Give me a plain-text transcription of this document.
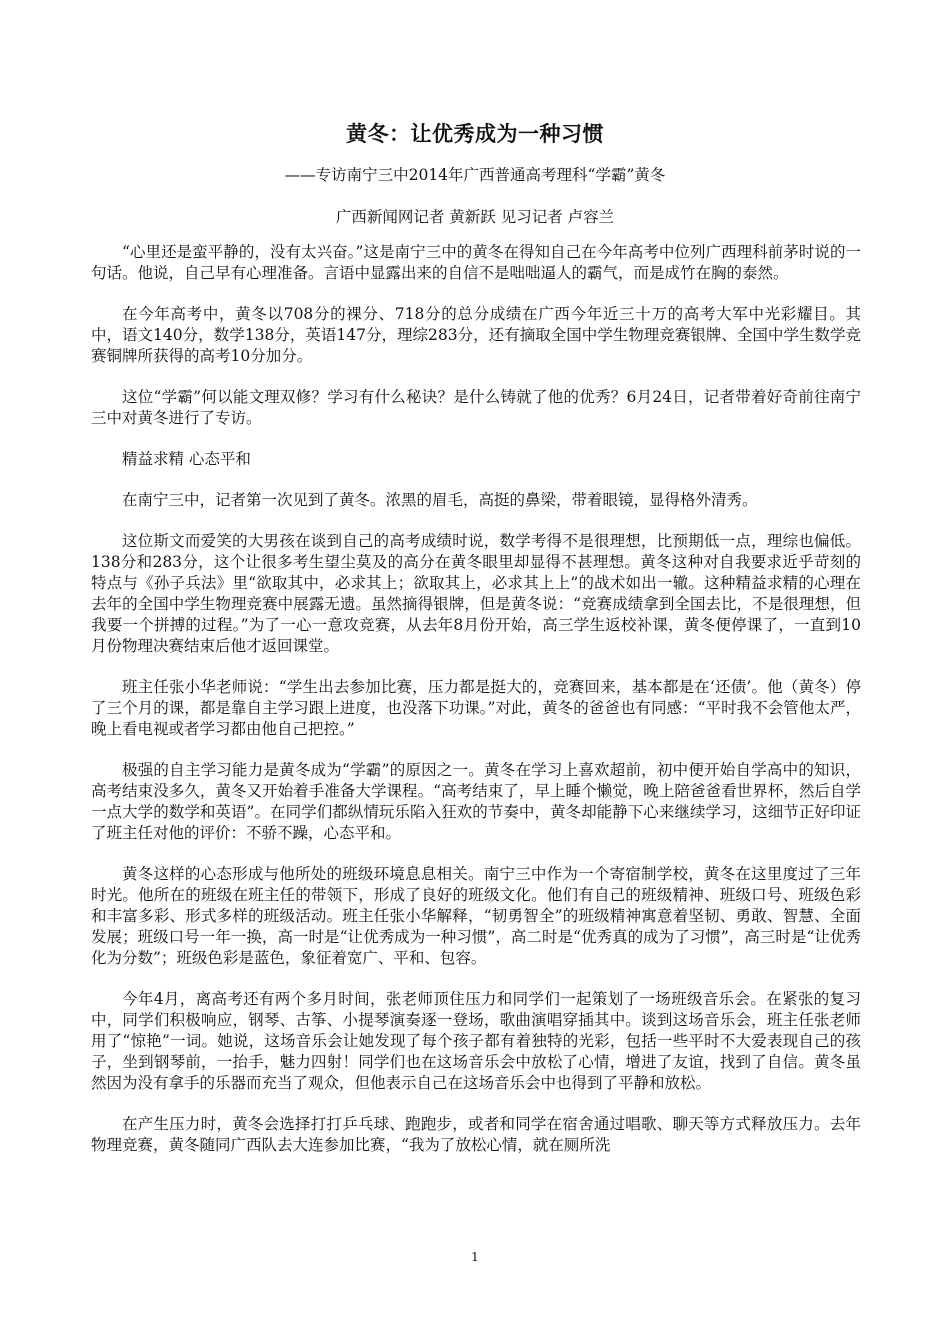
黄冬：让优秀成为一种习惯
——专访南宁三中2014年广西普通高考理科“学霸”黄冬
广西新闻网记者 黄新跃 见习记者 卢容兰

“心里还是蛮平静的，没有太兴奋。”这是南宁三中的黄冬在得知自己在今年高考中位列广西理科前茅时说的一句话。他说，自己早有心理准备。言语中显露出来的自信不是咄咄逼人的霸气，而是成竹在胸的泰然。

在今年高考中，黄冬以708分的裸分、718分的总分成绩在广西今年近三十万的高考大军中光彩耀目。其中，语文140分，数学138分，英语147分，理综283分，还有摘取全国中学生物理竞赛银牌、全国中学生数学竞赛铜牌所获得的高考10分加分。

这位“学霸”何以能文理双修？学习有什么秘诀？是什么铸就了他的优秀？6月24日，记者带着好奇前往南宁三中对黄冬进行了专访。

精益求精 心态平和

在南宁三中，记者第一次见到了黄冬。浓黑的眉毛，高挺的鼻梁，带着眼镜，显得格外清秀。

这位斯文而爱笑的大男孩在谈到自己的高考成绩时说，数学考得不是很理想，比预期低一点，理综也偏低。138分和283分，这个让很多考生望尘莫及的高分在黄冬眼里却显得不甚理想。黄冬这种对自我要求近乎苛刻的特点与《孙子兵法》里“欲取其中，必求其上；欲取其上，必求其上上”的战术如出一辙。这种精益求精的心理在去年的全国中学生物理竞赛中展露无遗。虽然摘得银牌，但是黄冬说：“竞赛成绩拿到全国去比，不是很理想，但我要一个拼搏的过程。”为了一心一意攻竞赛，从去年8月份开始，高三学生返校补课，黄冬便停课了，一直到10月份物理决赛结束后他才返回课堂。

班主任张小华老师说：“学生出去参加比赛，压力都是挺大的，竞赛回来，基本都是在‘还债’。他（黄冬）停了三个月的课，都是靠自主学习跟上进度，也没落下功课。”对此，黄冬的爸爸也有同感：“平时我不会管他太严，晚上看电视或者学习都由他自己把控。”

极强的自主学习能力是黄冬成为“学霸”的原因之一。黄冬在学习上喜欢超前，初中便开始自学高中的知识，高考结束没多久，黄冬又开始着手准备大学课程。“高考结束了，早上睡个懒觉，晚上陪爸爸看世界杯，然后自学一点大学的数学和英语”。在同学们都纵情玩乐陷入狂欢的节奏中，黄冬却能静下心来继续学习，这细节正好印证了班主任对他的评价：不骄不躁，心态平和。

黄冬这样的心态形成与他所处的班级环境息息相关。南宁三中作为一个寄宿制学校，黄冬在这里度过了三年时光。他所在的班级在班主任的带领下，形成了良好的班级文化。他们有自己的班级精神、班级口号、班级色彩和丰富多彩、形式多样的班级活动。班主任张小华解释，“韧勇智全”的班级精神寓意着坚韧、勇敢、智慧、全面发展；班级口号一年一换，高一时是“让优秀成为一种习惯”，高二时是“优秀真的成为了习惯”，高三时是“让优秀化为分数”；班级色彩是蓝色，象征着宽广、平和、包容。

今年4月，离高考还有两个多月时间，张老师顶住压力和同学们一起策划了一场班级音乐会。在紧张的复习中，同学们积极响应，钢琴、古筝、小提琴演奏逐一登场，歌曲演唱穿插其中。谈到这场音乐会，班主任张老师用了“惊艳”一词。她说，这场音乐会让她发现了每个孩子都有着独特的光彩，包括一些平时不大爱表现自己的孩子，坐到钢琴前，一抬手，魅力四射！同学们也在这场音乐会中放松了心情，增进了友谊，找到了自信。黄冬虽然因为没有拿手的乐器而充当了观众，但他表示自己在这场音乐会中也得到了平静和放松。

在产生压力时，黄冬会选择打打乒乓球、跑跑步，或者和同学在宿舍通过唱歌、聊天等方式释放压力。去年物理竞赛，黄冬随同广西队去大连参加比赛，“我为了放松心情，就在厕所洗

1
